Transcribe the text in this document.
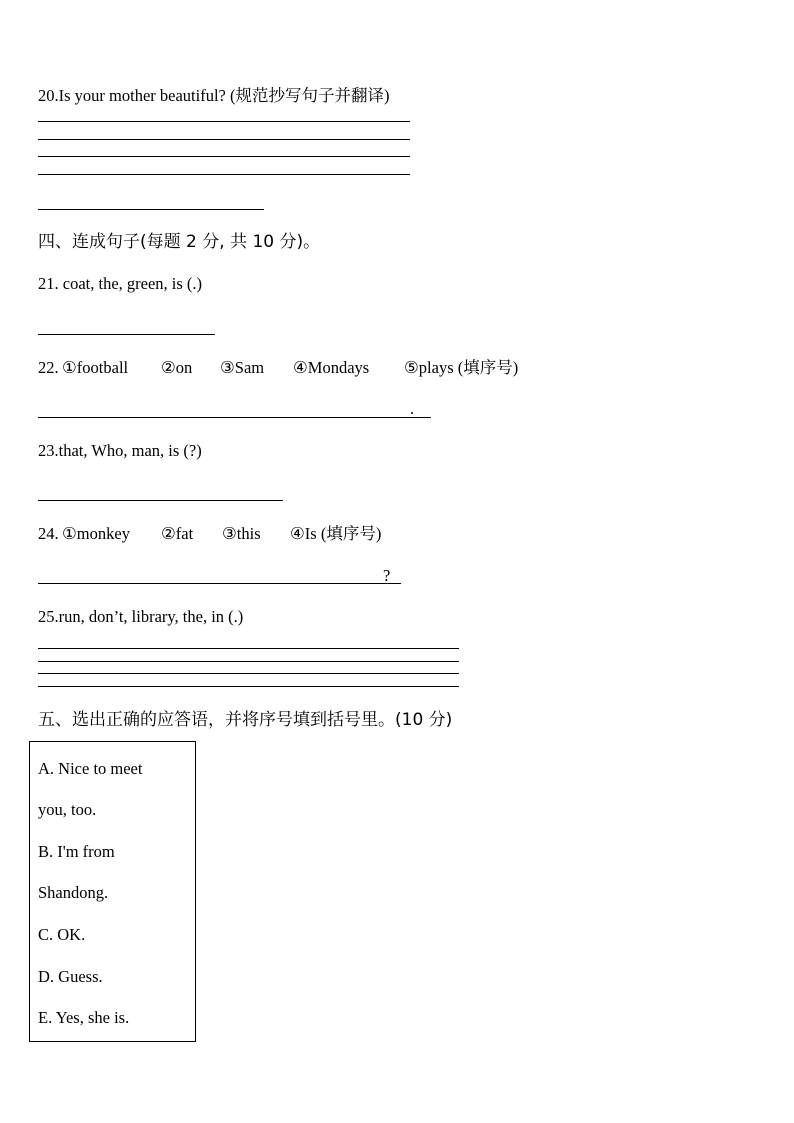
20.Is your mother beautiful? (规范抄写句子并翻译)
四、连成句子(每题 2 分, 共 10 分)。
21. coat, the, green, is (.)
22. ①football ②on ③Sam ④Mondays ⑤plays (填序号)
.
23.that, Who, man, is (?)
24. ①monkey ②fat ③this ④Is (填序号)
?
25.run, don’t, library, the, in (.)
五、选出正确的应答语，并将序号填到括号里。(10 分)
A. Nice to meet
you, too.
B. I'm from
Shandong.
C. OK.
D. Guess.
E. Yes, she is.
